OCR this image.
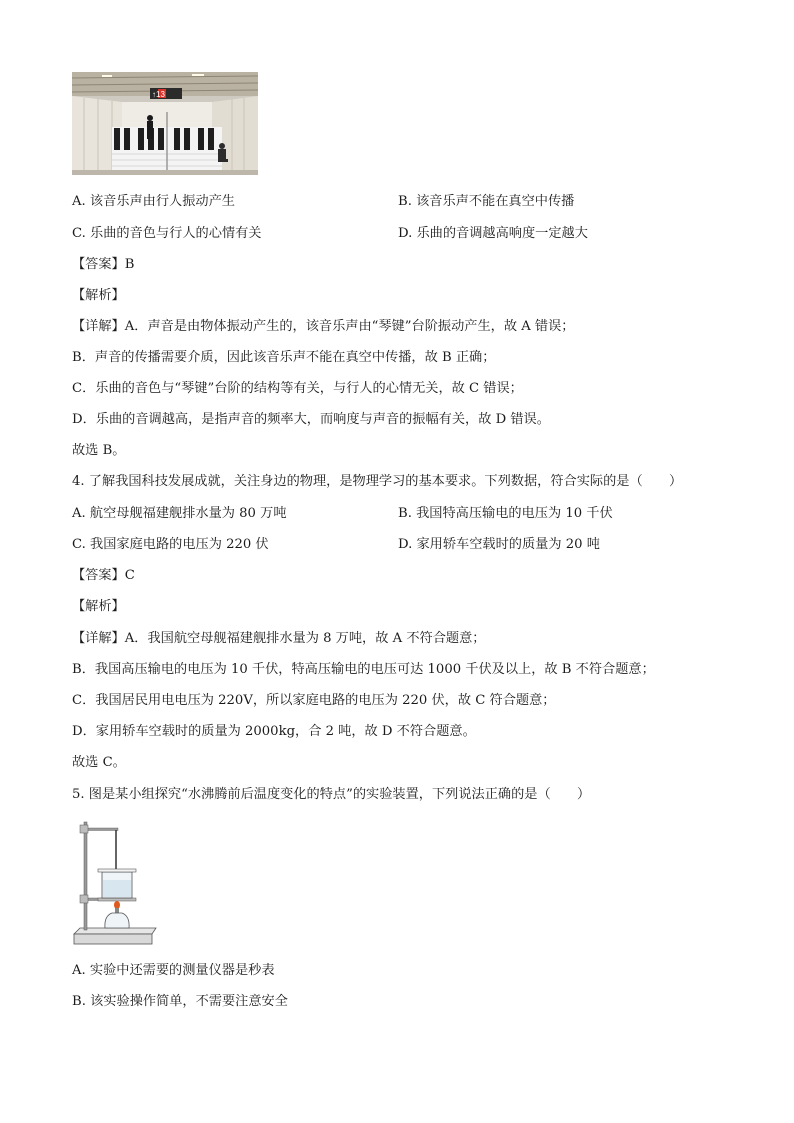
↑13
A. 该音乐声由行人振动产生	B. 该音乐声不能在真空中传播
C. 乐曲的音色与行人的心情有关	D. 乐曲的音调越高响度一定越大
【答案】B
【解析】
【详解】A．声音是由物体振动产生的，该音乐声由“琴键”台阶振动产生，故 A 错误；
B．声音的传播需要介质，因此该音乐声不能在真空中传播，故 B 正确；
C．乐曲的音色与“琴键”台阶的结构等有关，与行人的心情无关，故 C 错误；
D．乐曲的音调越高，是指声音的频率大，而响度与声音的振幅有关，故 D 错误。
故选 B。
4. 了解我国科技发展成就，关注身边的物理，是物理学习的基本要求。下列数据，符合实际的是（　　）
A. 航空母舰福建舰排水量为 80 万吨	B. 我国特高压输电的电压为 10 千伏
C. 我国家庭电路的电压为 220 伏	D. 家用轿车空载时的质量为 20 吨
【答案】C
【解析】
【详解】A．我国航空母舰福建舰排水量为 8 万吨，故 A 不符合题意；
B．我国高压输电的电压为 10 千伏，特高压输电的电压可达 1000 千伏及以上，故 B 不符合题意；
C．我国居民用电电压为 220V，所以家庭电路的电压为 220 伏，故 C 符合题意；
D．家用轿车空载时的质量为 2000kg，合 2 吨，故 D 不符合题意。
故选 C。
5. 图是某小组探究“水沸腾前后温度变化的特点”的实验装置，下列说法正确的是（　　）
A. 实验中还需要的测量仪器是秒表
B. 该实验操作简单，不需要注意安全
